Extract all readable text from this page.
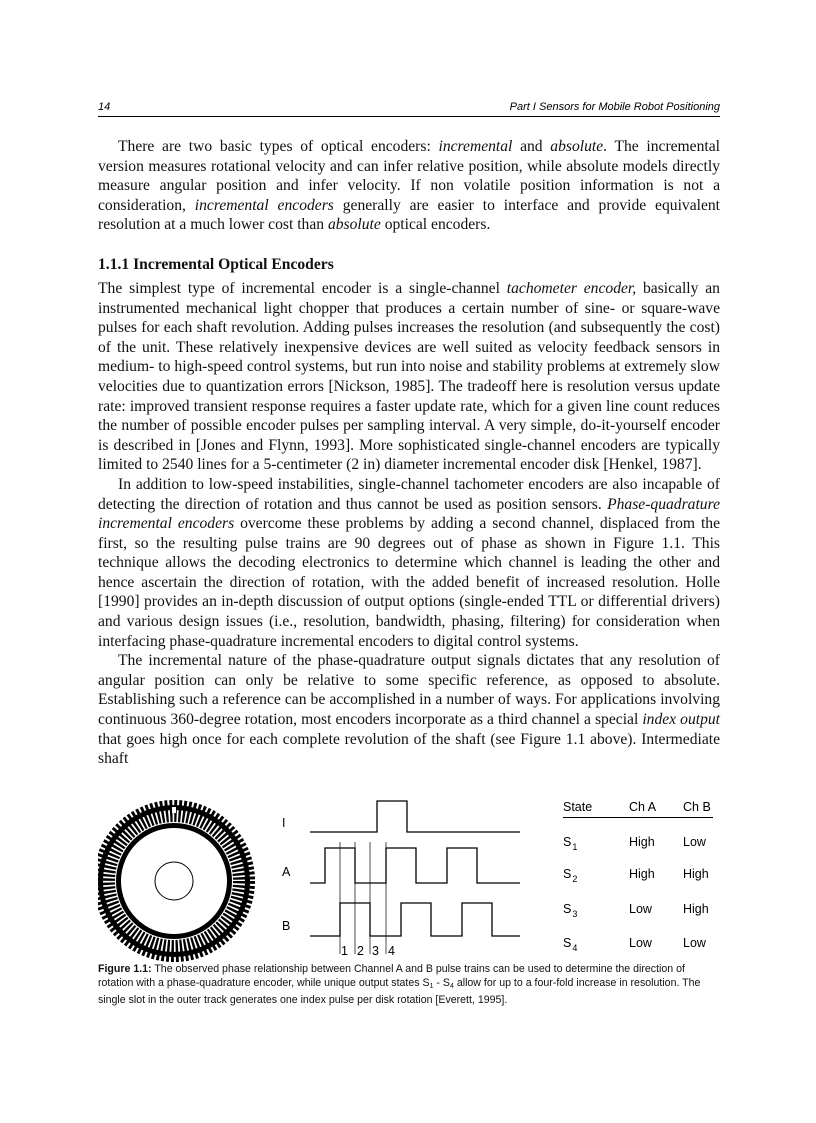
14	Part I Sensors for Mobile Robot Positioning

There are two basic types of optical encoders: incremental and absolute. The incremental version measures rotational velocity and can infer relative position, while absolute models directly measure angular position and infer velocity. If non volatile position information is not a consideration, incremental encoders generally are easier to interface and provide equivalent resolution at a much lower cost than absolute optical encoders.

1.1.1 Incremental Optical Encoders

The simplest type of incremental encoder is a single-channel tachometer encoder, basically an instrumented mechanical light chopper that produces a certain number of sine- or square-wave pulses for each shaft revolution. Adding pulses increases the resolution (and subsequently the cost) of the unit. These relatively inexpensive devices are well suited as velocity feedback sensors in medium- to high-speed control systems, but run into noise and stability problems at extremely slow velocities due to quantization errors [Nickson, 1985]. The tradeoff here is resolution versus update rate: improved transient response requires a faster update rate, which for a given line count reduces the number of possible encoder pulses per sampling interval. A very simple, do-it-yourself encoder is described in [Jones and Flynn, 1993]. More sophisticated single-channel encoders are typically limited to 2540 lines for a 5-centimeter (2 in) diameter incremental encoder disk [Henkel, 1987].

In addition to low-speed instabilities, single-channel tachometer encoders are also incapable of detecting the direction of rotation and thus cannot be used as position sensors. Phase-quadrature incremental encoders overcome these problems by adding a second channel, displaced from the first, so the resulting pulse trains are 90 degrees out of phase as shown in Figure 1.1. This technique allows the decoding electronics to determine which channel is leading the other and hence ascertain the direction of rotation, with the added benefit of increased resolution. Holle [1990] provides an in-depth discussion of output options (single-ended TTL or differential drivers) and various design issues (i.e., resolution, bandwidth, phasing, filtering) for consideration when interfacing phase-quadrature incremental encoders to digital control systems.

The incremental nature of the phase-quadrature output signals dictates that any resolution of angular position can only be relative to some specific reference, as opposed to absolute. Establishing such a reference can be accomplished in a number of ways. For applications involving continuous 360-degree rotation, most encoders incorporate as a third channel a special index output that goes high once for each complete revolution of the shaft (see Figure 1.1 above). Intermediate shaft

I
A
B
1 2 3 4
State	Ch A Ch B
$S_1$	High Low
$S_2$	High High
$S_3$	Low High
$S_4$	Low Low
Figure 1.1: The observed phase relationship between Channel A and B pulse trains can be used to determine the direction of rotation with a phase-quadrature encoder, while unique output states S1 - S4 allow for up to a four-fold increase in resolution. The single slot in the outer track generates one index pulse per disk rotation [Everett, 1995].
